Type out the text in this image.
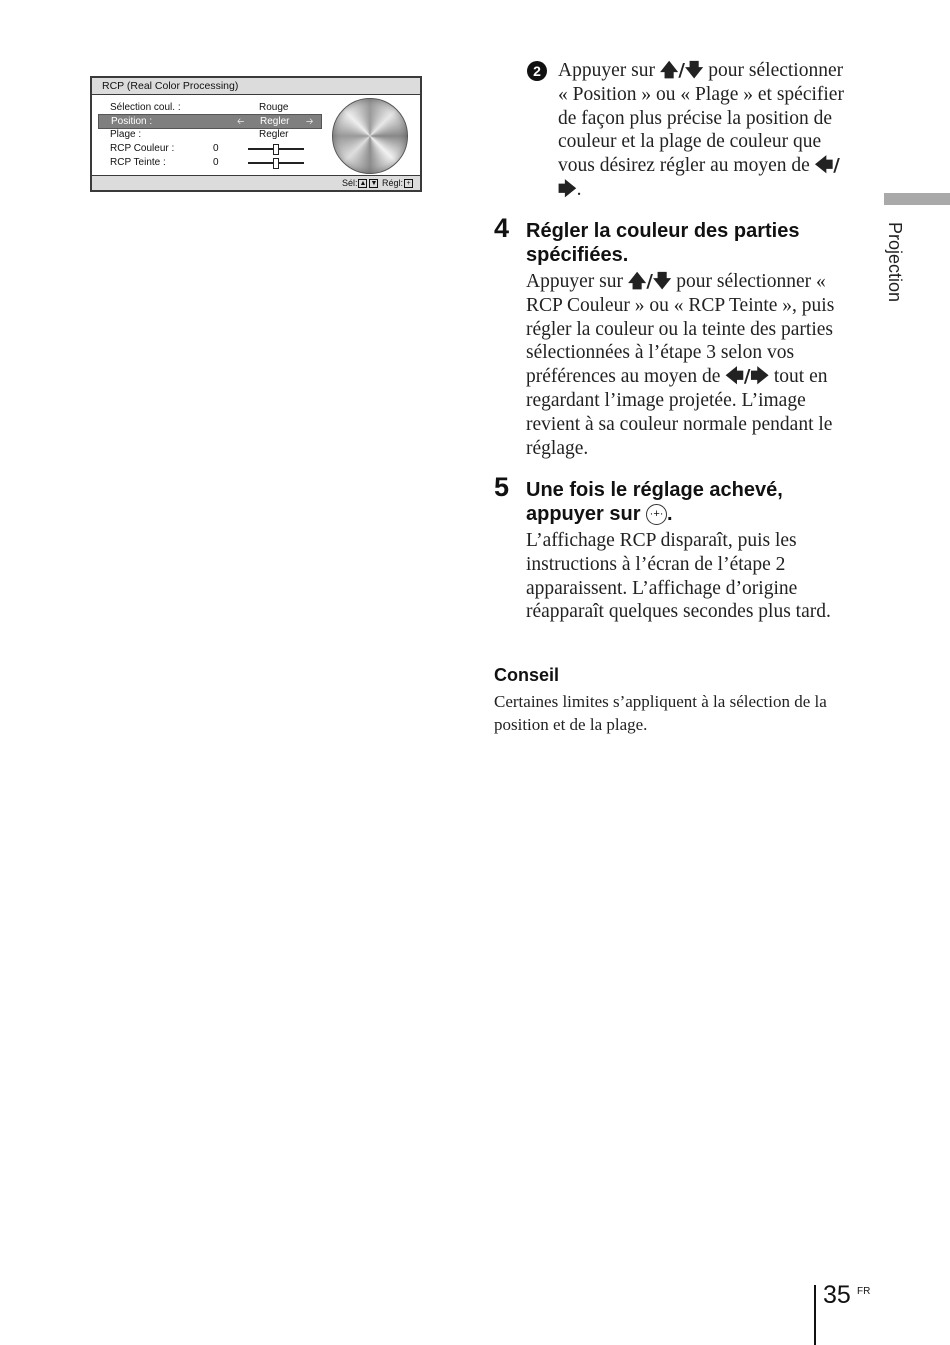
RCP (Real Color Processing)
Sélection coul. :	Rouge
Position :	🡠 Regler 🡢
Plage :	Regler
RCP Couleur :	0
RCP Teinte :	0
Sél: ▲ ▼ Régl: +
2 Appuyer sur 🡅/🡇 pour sélectionner « Position » ou « Plage » et spécifier de façon plus précise la position de couleur et la plage de couleur que vous désirez régler au moyen de 🡄/🡆.
4 Régler la couleur des parties spécifiées.
Appuyer sur 🡅/🡇 pour sélectionner « RCP Couleur » ou « RCP Teinte », puis régler la couleur ou la teinte des parties sélectionnées à l’étape 3 selon vos préférences au moyen de 🡄/🡆 tout en regardant l’image projetée. L’image revient à sa couleur normale pendant le réglage.
5 Une fois le réglage achevé, appuyer sur ·+· .
L’affichage RCP disparaît, puis les instructions à l’écran de l’étape 2 apparaissent. L’affichage d’origine réapparaît quelques secondes plus tard.
Conseil
Certaines limites s’appliquent à la sélection de la position et de la plage.
Projection
35 FR
